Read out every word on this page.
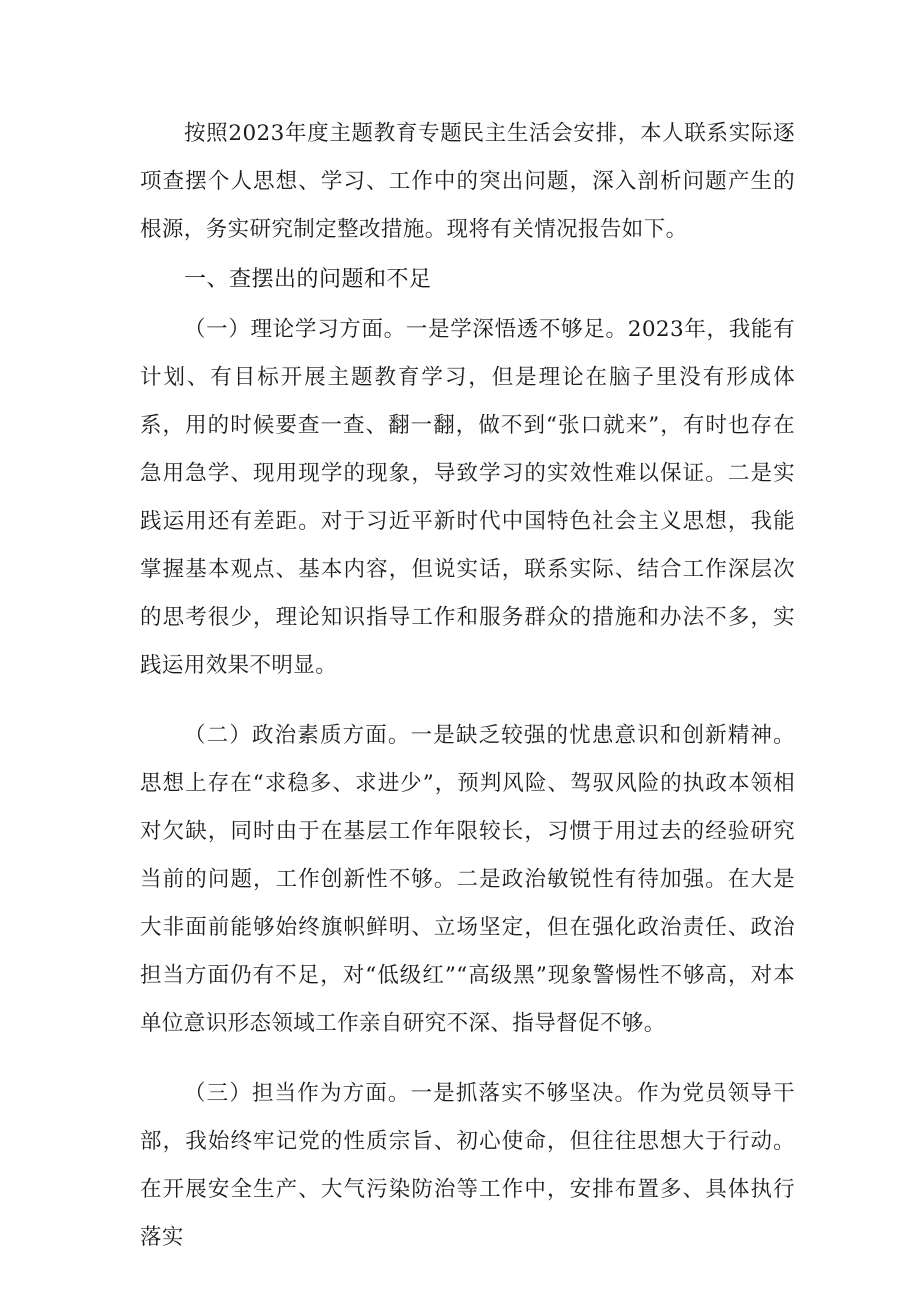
按照2023年度主题教育专题民主生活会安排，本人联系实际逐项查摆个人思想、学习、工作中的突出问题，深入剖析问题产生的根源，务实研究制定整改措施。现将有关情况报告如下。

一、查摆出的问题和不足

（一）理论学习方面。一是学深悟透不够足。2023年，我能有计划、有目标开展主题教育学习，但是理论在脑子里没有形成体系，用的时候要查一查、翻一翻，做不到“张口就来”，有时也存在急用急学、现用现学的现象，导致学习的实效性难以保证。二是实践运用还有差距。对于习近平新时代中国特色社会主义思想，我能掌握基本观点、基本内容，但说实话，联系实际、结合工作深层次的思考很少，理论知识指导工作和服务群众的措施和办法不多，实践运用效果不明显。

（二）政治素质方面。一是缺乏较强的忧患意识和创新精神。思想上存在“求稳多、求进少”，预判风险、驾驭风险的执政本领相对欠缺，同时由于在基层工作年限较长，习惯于用过去的经验研究当前的问题，工作创新性不够。二是政治敏锐性有待加强。在大是大非面前能够始终旗帜鲜明、立场坚定，但在强化政治责任、政治担当方面仍有不足，对“低级红”“高级黑”现象警惕性不够高，对本单位意识形态领域工作亲自研究不深、指导督促不够。

（三）担当作为方面。一是抓落实不够坚决。作为党员领导干部，我始终牢记党的性质宗旨、初心使命，但往往思想大于行动。在开展安全生产、大气污染防治等工作中，安排布置多、具体执行落实
